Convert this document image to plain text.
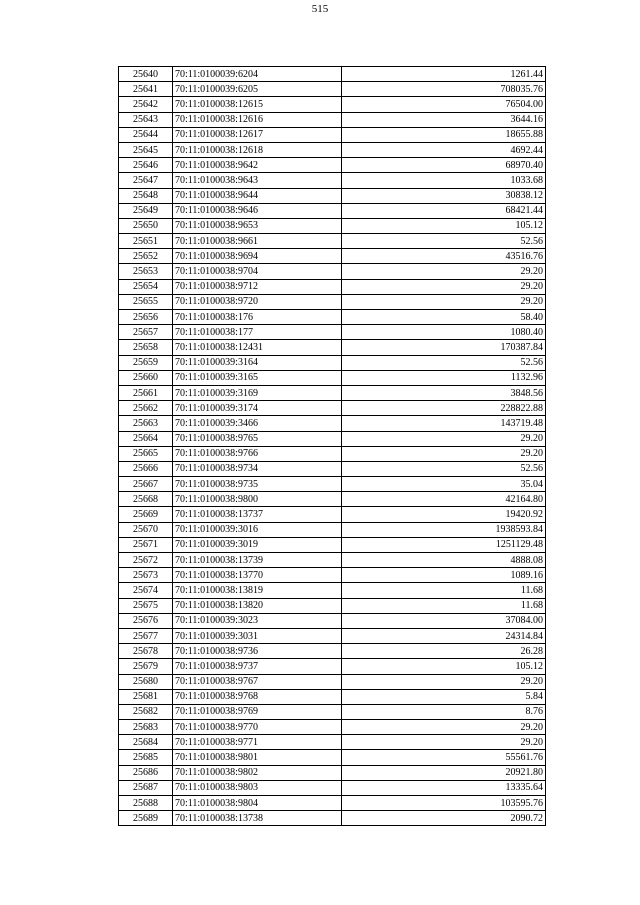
515
25640	70:11:0100039:6204	1261.44
25641	70:11:0100039:6205	708035.76
25642	70:11:0100038:12615	76504.00
25643	70:11:0100038:12616	3644.16
25644	70:11:0100038:12617	18655.88
25645	70:11:0100038:12618	4692.44
25646	70:11:0100038:9642	68970.40
25647	70:11:0100038:9643	1033.68
25648	70:11:0100038:9644	30838.12
25649	70:11:0100038:9646	68421.44
25650	70:11:0100038:9653	105.12
25651	70:11:0100038:9661	52.56
25652	70:11:0100038:9694	43516.76
25653	70:11:0100038:9704	29.20
25654	70:11:0100038:9712	29.20
25655	70:11:0100038:9720	29.20
25656	70:11:0100038:176	58.40
25657	70:11:0100038:177	1080.40
25658	70:11:0100038:12431	170387.84
25659	70:11:0100039:3164	52.56
25660	70:11:0100039:3165	1132.96
25661	70:11:0100039:3169	3848.56
25662	70:11:0100039:3174	228822.88
25663	70:11:0100039:3466	143719.48
25664	70:11:0100038:9765	29.20
25665	70:11:0100038:9766	29.20
25666	70:11:0100038:9734	52.56
25667	70:11:0100038:9735	35.04
25668	70:11:0100038:9800	42164.80
25669	70:11:0100038:13737	19420.92
25670	70:11:0100039:3016	1938593.84
25671	70:11:0100039:3019	1251129.48
25672	70:11:0100038:13739	4888.08
25673	70:11:0100038:13770	1089.16
25674	70:11:0100038:13819	11.68
25675	70:11:0100038:13820	11.68
25676	70:11:0100039:3023	37084.00
25677	70:11:0100039:3031	24314.84
25678	70:11:0100038:9736	26.28
25679	70:11:0100038:9737	105.12
25680	70:11:0100038:9767	29.20
25681	70:11:0100038:9768	5.84
25682	70:11:0100038:9769	8.76
25683	70:11:0100038:9770	29.20
25684	70:11:0100038:9771	29.20
25685	70:11:0100038:9801	55561.76
25686	70:11:0100038:9802	20921.80
25687	70:11:0100038:9803	13335.64
25688	70:11:0100038:9804	103595.76
25689	70:11:0100038:13738	2090.72
